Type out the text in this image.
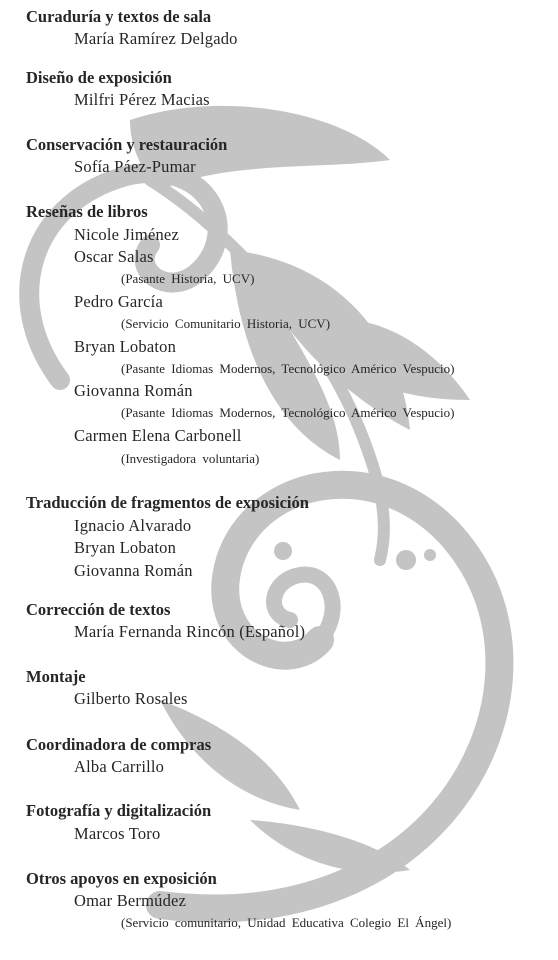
Curaduría y textos de sala
María Ramírez Delgado
Diseño de exposición
Milfri Pérez Macias
Conservación y restauración
Sofía Páez-Pumar
Reseñas de libros
Nicole Jiménez
Oscar Salas
(Pasante Historia, UCV)
Pedro García
(Servicio Comunitario Historia, UCV)
Bryan Lobaton
(Pasante Idiomas Modernos, Tecnológico Américo Vespucio)
Giovanna Román
(Pasante Idiomas Modernos, Tecnológico Américo Vespucio)
Carmen Elena Carbonell
(Investigadora voluntaria)
Traducción de fragmentos de exposición
Ignacio Alvarado
Bryan Lobaton
Giovanna Román
Corrección de textos
María Fernanda Rincón (Español)
Montaje
Gilberto Rosales
Coordinadora de compras
Alba Carrillo
Fotografía y digitalización
Marcos Toro
Otros apoyos en exposición
Omar Bermúdez
(Servicio comunitario, Unidad Educativa Colegio El Ángel)
